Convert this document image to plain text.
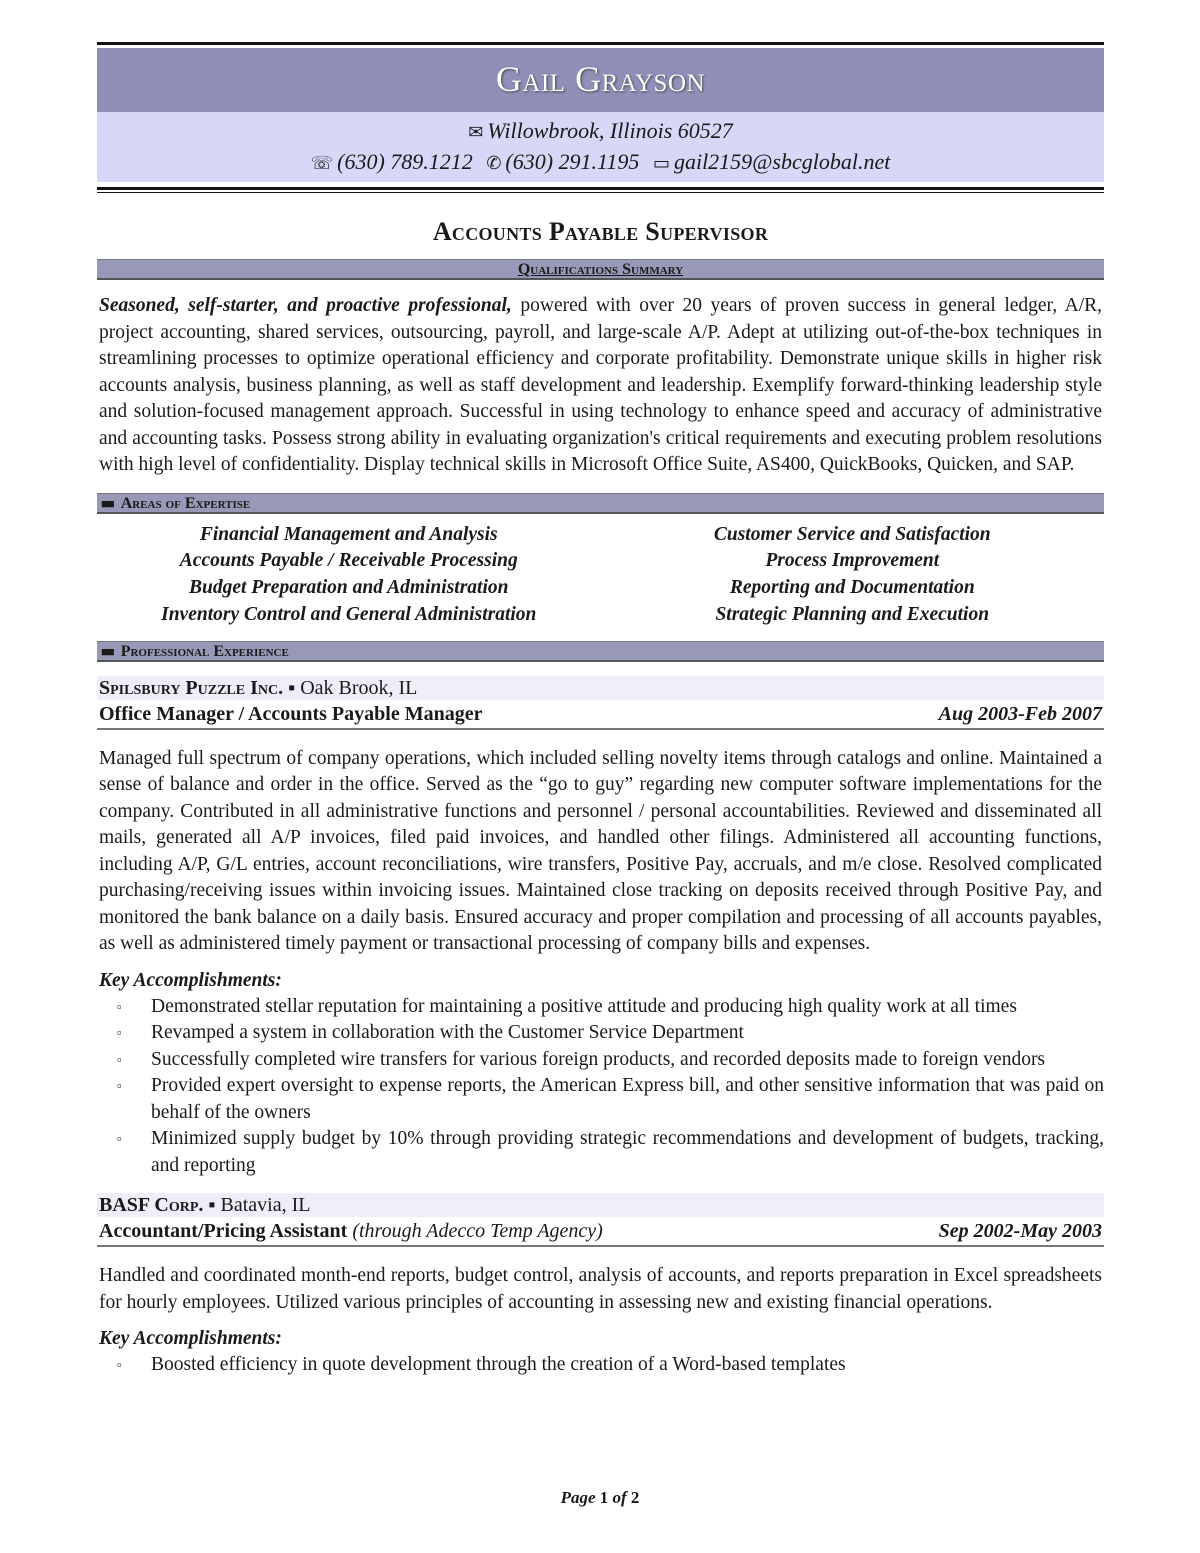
Gail Grayson
✉ Willowbrook, Illinois 60527
☏ (630) 789.1212 ✆ (630) 291.1195 ▭ gail2159@sbcglobal.net
Accounts Payable Supervisor
Qualifications Summary

Seasoned, self-starter, and proactive professional, powered with over 20 years of proven success in general ledger, A/R, project accounting, shared services, outsourcing, payroll, and large-scale A/P. Adept at utilizing out-of-the-box techniques in streamlining processes to optimize operational efficiency and corporate profitability. Demonstrate unique skills in higher risk accounts analysis, business planning, as well as staff development and leadership. Exemplify forward-thinking leadership style and solution-focused management approach. Successful in using technology to enhance speed and accuracy of administrative and accounting tasks. Possess strong ability in evaluating organization's critical requirements and executing problem resolutions with high level of confidentiality. Display technical skills in Microsoft Office Suite, AS400, QuickBooks, Quicken, and SAP.

■■ Areas of Expertise
Financial Management and Analysis
Accounts Payable / Receivable Processing
Budget Preparation and Administration
Inventory Control and General Administration
Customer Service and Satisfaction
Process Improvement
Reporting and Documentation
Strategic Planning and Execution
■■ Professional Experience
Spilsbury Puzzle Inc. ▪ Oak Brook, IL
Office Manager / Accounts Payable Manager	Aug 2003-Feb 2007

Managed full spectrum of company operations, which included selling novelty items through catalogs and online. Maintained a sense of balance and order in the office. Served as the “go to guy” regarding new computer software implementations for the company. Contributed in all administrative functions and personnel / personal accountabilities. Reviewed and disseminated all mails, generated all A/P invoices, filed paid invoices, and handled other filings. Administered all accounting functions, including A/P, G/L entries, account reconciliations, wire transfers, Positive Pay, accruals, and m/e close. Resolved complicated purchasing/receiving issues within invoicing issues. Maintained close tracking on deposits received through Positive Pay, and monitored the bank balance on a daily basis. Ensured accuracy and proper compilation and processing of all accounts payables, as well as administered timely payment or transactional processing of company bills and expenses.

Key Accomplishments:
▫ Demonstrated stellar reputation for maintaining a positive attitude and producing high quality work at all times
▫ Revamped a system in collaboration with the Customer Service Department
▫ Successfully completed wire transfers for various foreign products, and recorded deposits made to foreign vendors
▫ Provided expert oversight to expense reports, the American Express bill, and other sensitive information that was paid on behalf of the owners
▫ Minimized supply budget by 10% through providing strategic recommendations and development of budgets, tracking, and reporting
BASF Corp. ▪ Batavia, IL
Accountant/Pricing Assistant (through Adecco Temp Agency)	Sep 2002-May 2003

Handled and coordinated month-end reports, budget control, analysis of accounts, and reports preparation in Excel spreadsheets for hourly employees. Utilized various principles of accounting in assessing new and existing financial operations.

Key Accomplishments:
▫ Boosted efficiency in quote development through the creation of a Word-based templates
Page 1 of 2
